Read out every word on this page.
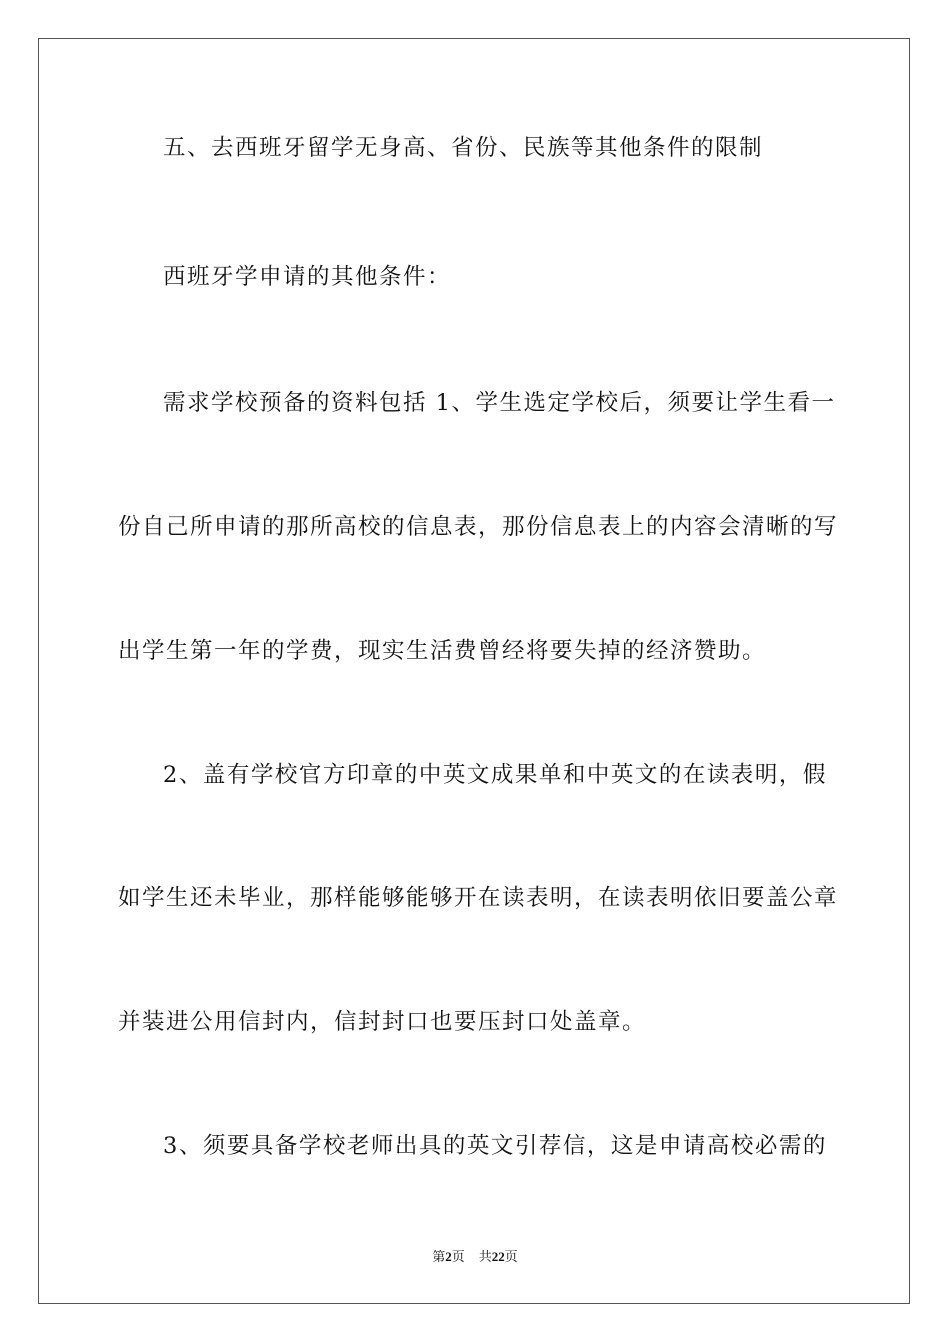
五、去西班牙留学无身高、省份、民族等其他条件的限制
西班牙学申请的其他条件：
需求学校预备的资料包括 1、学生选定学校后，须要让学生看一
份自己所申请的那所高校的信息表，那份信息表上的内容会清晰的写
出学生第一年的学费，现实生活费曾经将要失掉的经济赞助。
2、盖有学校官方印章的中英文成果单和中英文的在读表明，假
如学生还未毕业，那样能够能够开在读表明，在读表明依旧要盖公章
并装进公用信封内，信封封口也要压封口处盖章。
3、须要具备学校老师出具的英文引荐信，这是申请高校必需的
第2页 共22页
